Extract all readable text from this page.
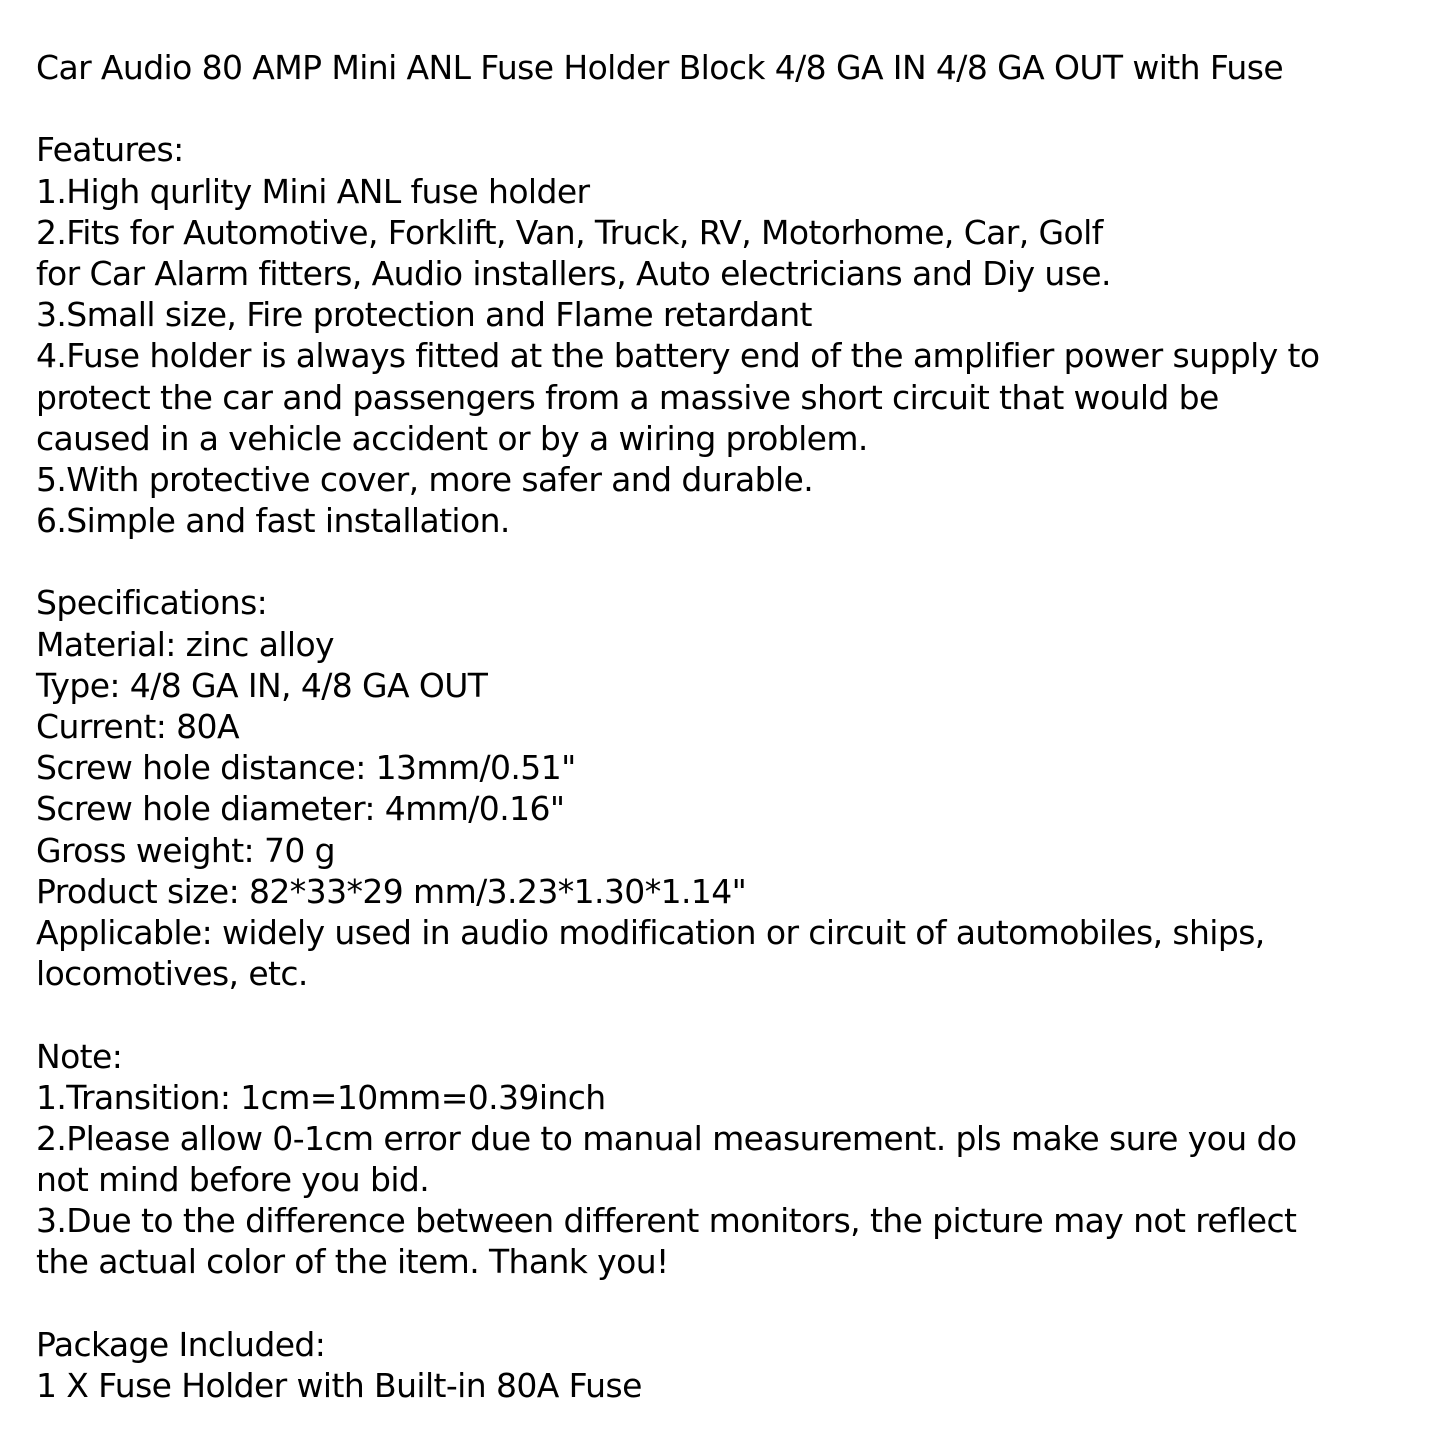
Car Audio 80 AMP Mini ANL Fuse Holder Block 4/8 GA IN 4/8 GA OUT with Fuse
Features:
1.High qurlity Mini ANL fuse holder
2.Fits for Automotive, Forklift, Van, Truck, RV, Motorhome, Car, Golf
for Car Alarm fitters, Audio installers, Auto electricians and Diy use.
3.Small size, Fire protection and Flame retardant
4.Fuse holder is always fitted at the battery end of the amplifier power supply to
protect the car and passengers from a massive short circuit that would be
caused in a vehicle accident or by a wiring problem.
5.With protective cover, more safer and durable.
6.Simple and fast installation.
Specifications:
Material: zinc alloy
Type: 4/8 GA IN, 4/8 GA OUT
Current: 80A
Screw hole distance: 13mm/0.51"
Screw hole diameter: 4mm/0.16"
Gross weight: 70 g
Product size: 82*33*29 mm/3.23*1.30*1.14"
Applicable: widely used in audio modification or circuit of automobiles, ships,
locomotives, etc.
Note:
1.Transition: 1cm=10mm=0.39inch
2.Please allow 0-1cm error due to manual measurement. pls make sure you do
not mind before you bid.
3.Due to the difference between different monitors, the picture may not reflect
the actual color of the item. Thank you!
Package Included:
1 X Fuse Holder with Built-in 80A Fuse
